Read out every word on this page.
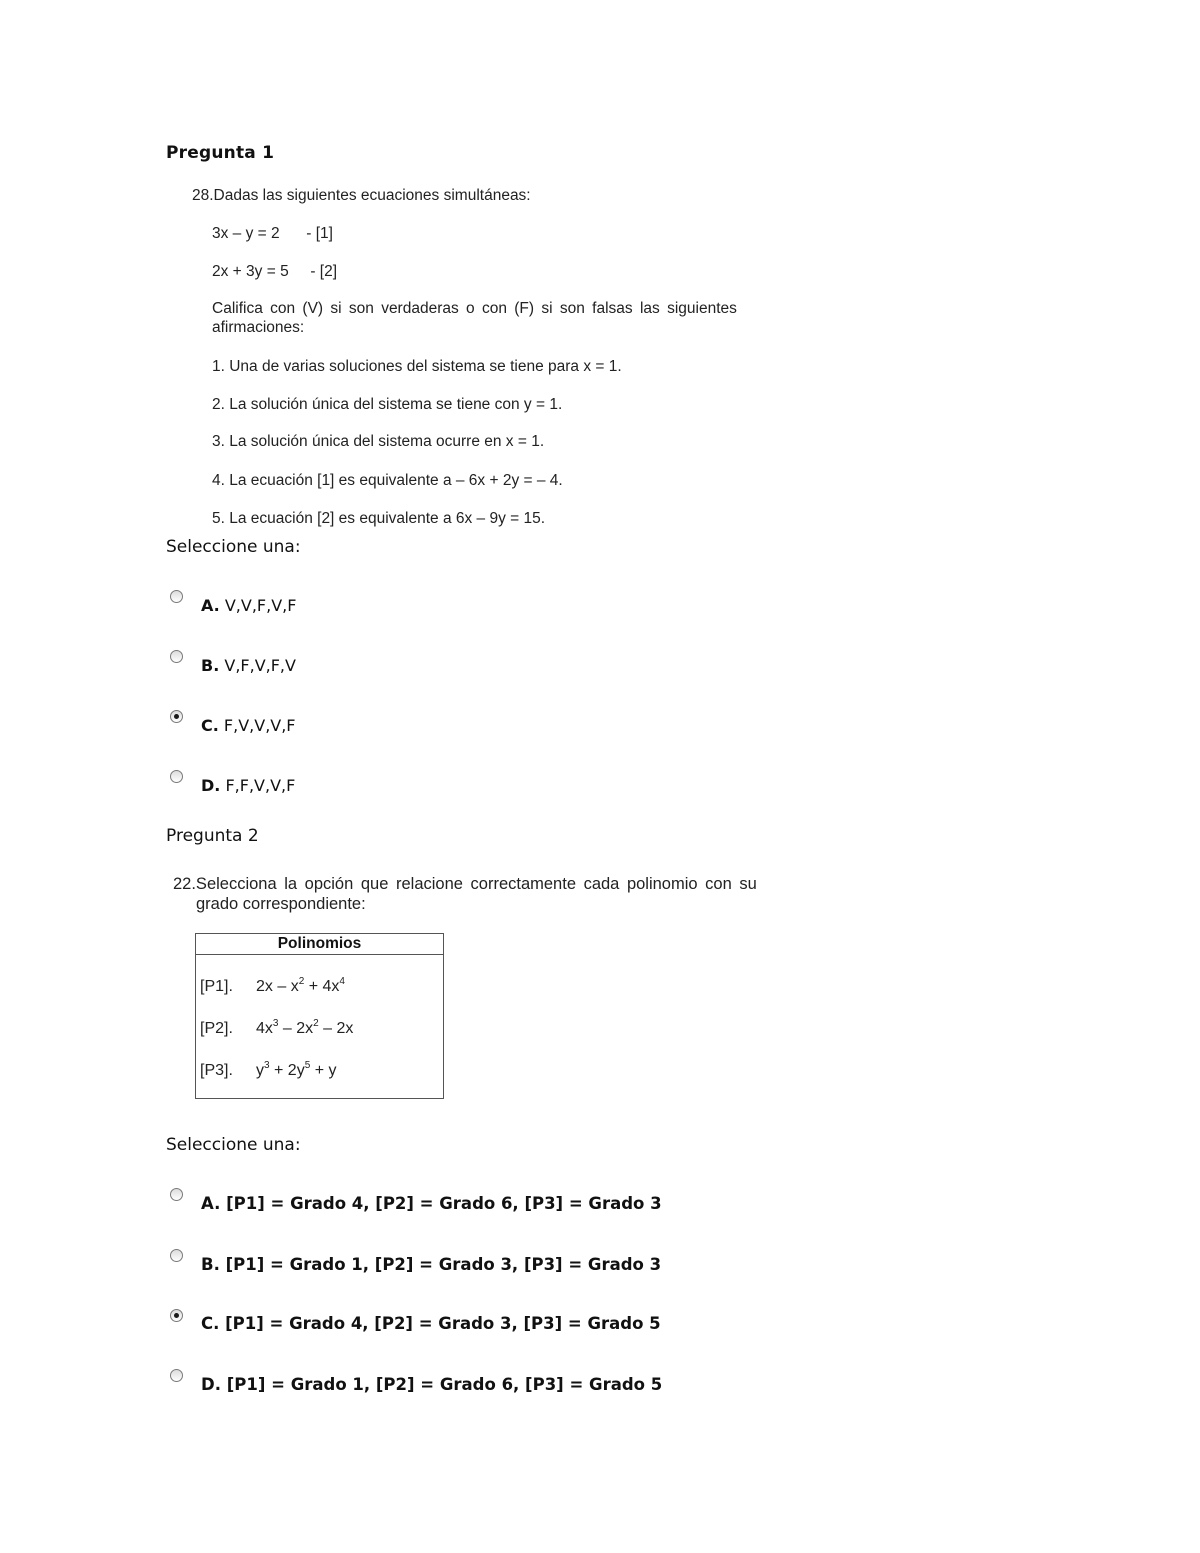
Pregunta 1
28.Dadas las siguientes ecuaciones simultáneas:
3x – y = 2 - [1]
2x + 3y = 5 - [2]
Califica con (V) si son verdaderas o con (F) si son falsas las siguientes
afirmaciones:
1. Una de varias soluciones del sistema se tiene para x = 1.
2. La solución única del sistema se tiene con y = 1.
3. La solución única del sistema ocurre en x = 1.
4. La ecuación [1] es equivalente a – 6x + 2y = – 4.
5. La ecuación [2] es equivalente a 6x – 9y = 15.
Seleccione una:
A. V,V,F,V,F
B. V,F,V,F,V
C. F,V,V,V,F
D. F,F,V,V,F
Pregunta 2
22.Selecciona la opción que relacione correctamente cada polinomio con su
grado correspondiente:
Polinomios
[P1]. $2x - x^2 + 4x^4$
[P2]. $4x^3 - 2x^2 - 2x$
[P3]. $y^3 + 2y^5 + y$
Seleccione una:
A. [P1] = Grado 4, [P2] = Grado 6, [P3] = Grado 3
B. [P1] = Grado 1, [P2] = Grado 3, [P3] = Grado 3
C. [P1] = Grado 4, [P2] = Grado 3, [P3] = Grado 5
D. [P1] = Grado 1, [P2] = Grado 6, [P3] = Grado 5
